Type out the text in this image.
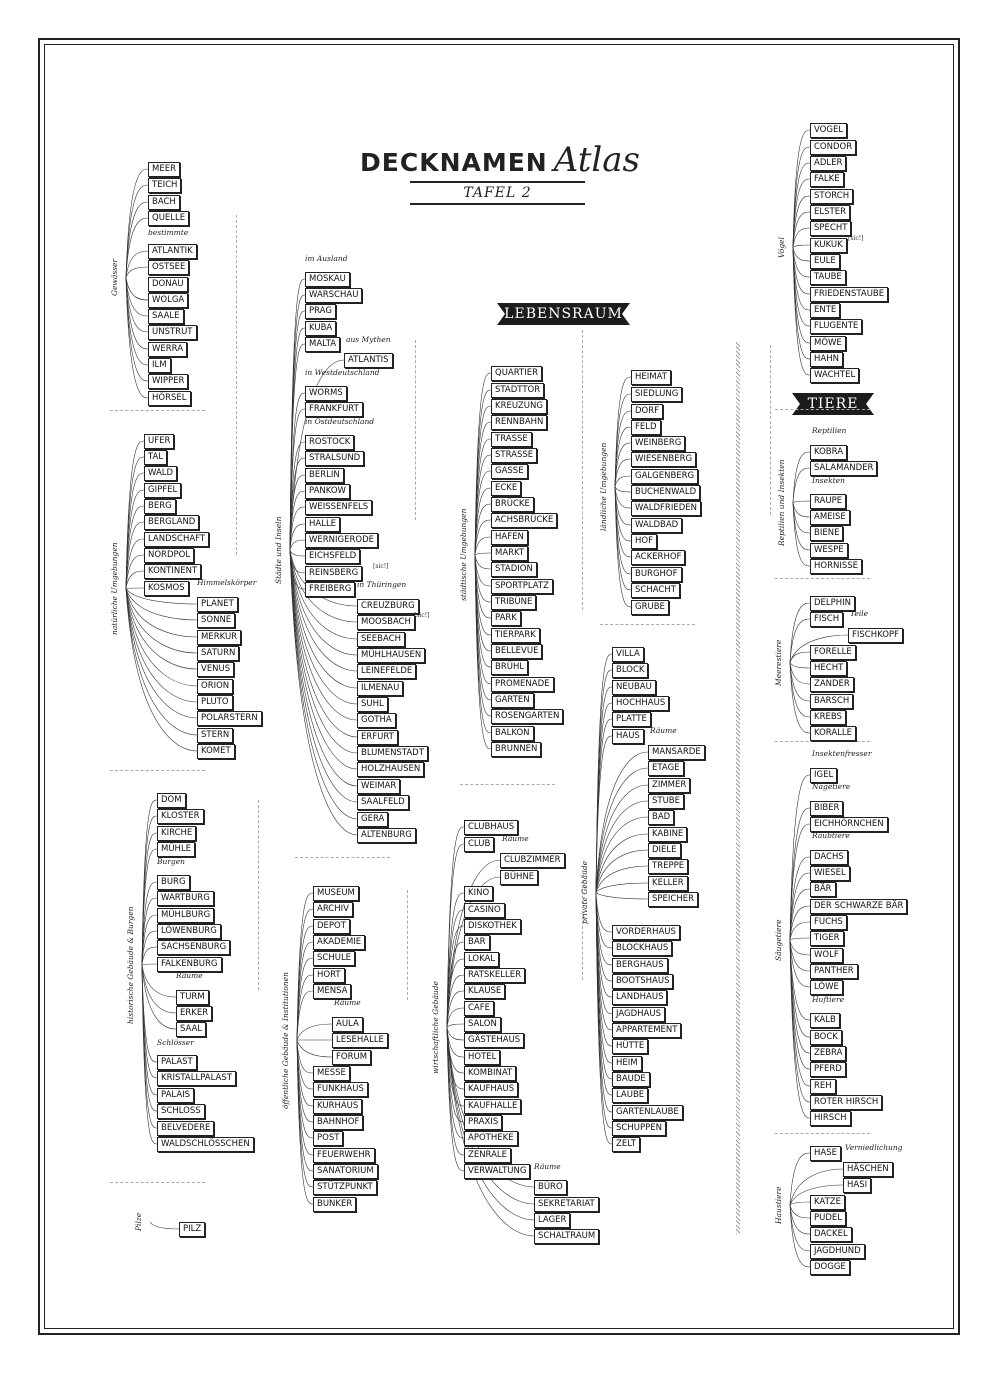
DECKNAMEN Atlas
TAFEL 2
LEBENSRAUM
TIERE
Gewässer
MEER
TEICH
BACH
QUELLE
ATLANTIK
OSTSEE
DONAU
WOLGA
SAALE
UNSTRUT
WERRA
ILM
WIPPER
HÖRSEL
bestimmte
natürliche Umgebungen
UFER
TAL
WALD
GIPFEL
BERG
BERGLAND
LANDSCHAFT
NORDPOL
KONTINENT
KOSMOS
PLANET
SONNE
MERKUR
SATURN
VENUS
ORION
PLUTO
POLARSTERN
STERN
KOMET
Himmelskörper
historische Gebäude & Burgen
DOM
KLOSTER
KIRCHE
MÜHLE
BURG
WARTBURG
MÜHLBURG
LÖWENBURG
SACHSENBURG
FALKENBURG
TURM
ERKER
SAAL
PALAST
KRISTALLPALAST
PALAIS
SCHLOSS
BELVEDERE
WALDSCHLÖSSCHEN
Burgen
Räume
Schlösser
Städte und Inseln
MOSKAU
WARSCHAU
PRAG
KUBA
MALTA
ATLANTIS
WORMS
FRANKFURT
ROSTOCK
STRALSUND
BERLIN
PANKOW
WEISSENFELS
HALLE
WERNIGERODE
EICHSFELD
REINSBERG
FREIBERG
CREUZBURG
MOOSBACH
SEEBACH
MÜHLHAUSEN
LEINEFELDE
ILMENAU
SUHL
GOTHA
ERFURT
BLUMENSTADT
HOLZHAUSEN
WEIMAR
SAALFELD
GERA
ALTENBURG
im Ausland
aus Mythen
in Westdeutschland
in Ostdeutschland
in Thüringen
[sic!]
[sic!]
öffentliche Gebäude & Institutionen
MUSEUM
ARCHIV
DEPOT
AKADEMIE
SCHULE
HORT
MENSA
AULA
LESEHALLE
FORUM
MESSE
FUNKHAUS
KURHAUS
BAHNHOF
POST
FEUERWEHR
SANATORIUM
STÜTZPUNKT
BUNKER
Räume
städtische Umgebungen
QUARTIER
STADTTOR
KREUZUNG
RENNBAHN
TRASSE
STRASSE
GASSE
ECKE
BRÜCKE
ACHSBRÜCKE
HAFEN
MARKT
STADION
SPORTPLATZ
TRIBÜNE
PARK
TIERPARK
BELLEVUE
BRÜHL
PROMENADE
GARTEN
ROSENGARTEN
BALKON
BRUNNEN
wirtschaftliche Gebäude
CLUBHAUS
CLUB
CLUBZIMMER
BÜHNE
KINO
CASINO
DISKOTHEK
BAR
LOKAL
RATSKELLER
KLAUSE
CAFE
SALON
GÄSTEHAUS
HOTEL
KOMBINAT
KAUFHAUS
KAUFHALLE
PRAXIS
APOTHEKE
ZENRALE
VERWALTUNG
BÜRO
SEKRETARIAT
LAGER
SCHALTRAUM
Räume
Räume
ländliche Umgebungen
HEIMAT
SIEDLUNG
DORF
FELD
WEINBERG
WIESENBERG
GALGENBERG
BUCHENWALD
WALDFRIEDEN
WALDBAD
HOF
ACKERHOF
BURGHOF
SCHACHT
GRUBE
private Gebäude
VILLA
BLOCK
NEUBAU
HOCHHAUS
PLATTE
HAUS
MANSARDE
ETAGE
ZIMMER
STUBE
BAD
KABINE
DIELE
TREPPE
KELLER
SPEICHER
VORDERHAUS
BLOCKHAUS
BERGHAUS
BOOTSHAUS
LANDHAUS
JAGDHAUS
APPARTEMENT
HÜTTE
HEIM
BAUDE
LAUBE
GARTENLAUBE
SCHUPPEN
ZELT
Räume
Vögel
VOGEL
CONDOR
ADLER
FALKE
STORCH
ELSTER
SPECHT
KUKUK
EULE
TAUBE
FRIEDENSTAUBE
ENTE
FLUGENTE
MÖWE
HAHN
WACHTEL
[sic!]
Reptilien und Insekten
KOBRA
SALAMANDER
RAUPE
AMEISE
BIENE
WESPE
HORNISSE
Reptilien
Insekten
Meerestiere
DELPHIN
FISCH
FISCHKOPF
FORELLE
HECHT
ZANDER
BARSCH
KREBS
KORALLE
Teile
Säugetiere
IGEL
BIBER
EICHHÖRNCHEN
DACHS
WIESEL
BÄR
DER SCHWARZE BÄR
FUCHS
TIGER
WOLF
PANTHER
LÖWE
KALB
BOCK
ZEBRA
PFERD
REH
ROTER HIRSCH
HIRSCH
Insektenfresser
Nagetiere
Raubtiere
Huftiere
Haustiere
HASE
HÄSCHEN
HASI
KATZE
PUDEL
DACKEL
JAGDHUND
DOGGE
Verniedlichung
Pilze	PILZ
